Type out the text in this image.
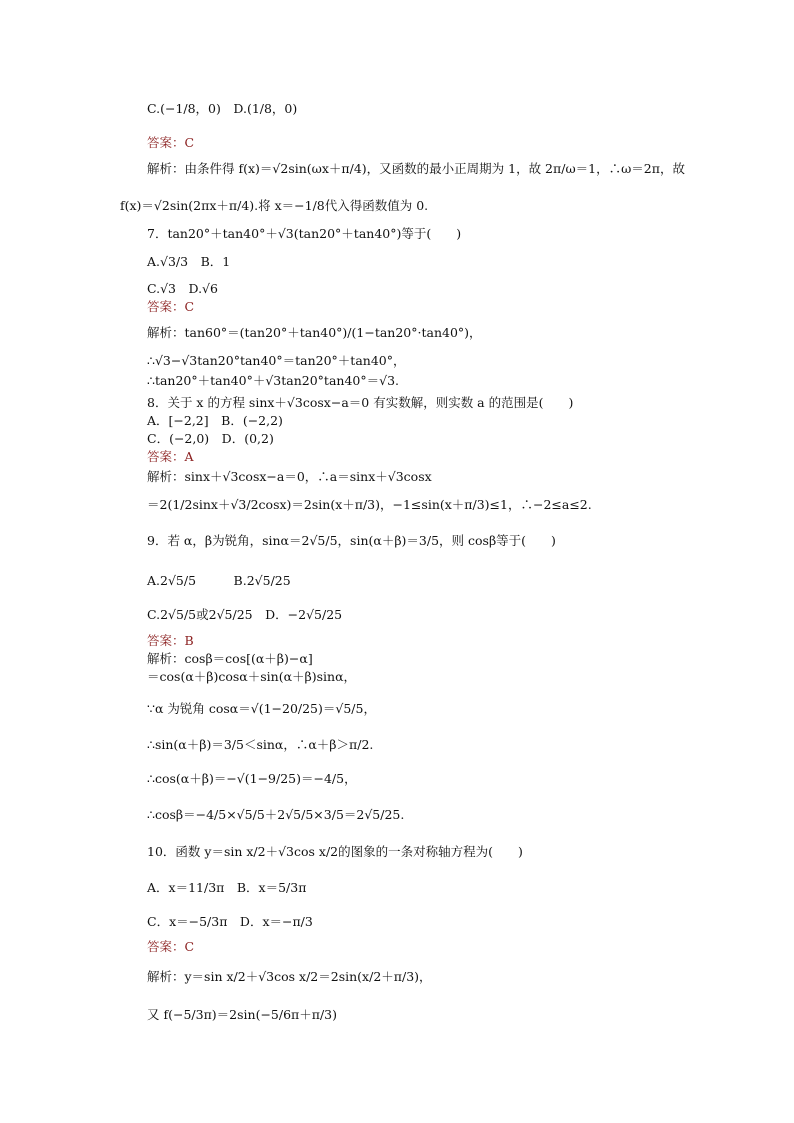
C.(−1/8，0)　D.(1/8，0)
答案：C
解析：由条件得 f(x)＝√2sin(ωx＋π/4)，又函数的最小正周期为 1，故 2π/ω＝1，∴ω＝2π，故
f(x)＝√2sin(2πx＋π/4).将 x＝−1/8代入得函数值为 0.
7．tan20°＋tan40°＋√3(tan20°＋tan40°)等于(　　)
A.√3/3　B．1
C.√3　D.√6
答案：C
解析：tan60°＝(tan20°＋tan40°)/(1−tan20°·tan40°)，
∴√3−√3tan20°tan40°＝tan20°＋tan40°，
∴tan20°＋tan40°＋√3tan20°tan40°＝√3.
8．关于 x 的方程 sinx＋√3cosx−a＝0 有实数解，则实数 a 的范围是(　　)
A．[−2,2]　B．(−2,2)
C．(−2,0)　D．(0,2)
答案：A
解析：sinx＋√3cosx−a＝0，∴a＝sinx＋√3cosx
＝2(1/2sinx＋√3/2cosx)＝2sin(x＋π/3)，−1≤sin(x＋π/3)≤1，∴−2≤a≤2.
9．若 α，β为锐角，sinα＝2√5/5，sin(α＋β)＝3/5，则 cosβ等于(　　)
A.2√5/5　　　B.2√5/25
C.2√5/5或2√5/25　D．−2√5/25
答案：B
解析：cosβ＝cos[(α＋β)−α]
＝cos(α＋β)cosα＋sin(α＋β)sinα，
∵α 为锐角 cosα＝√(1−20/25)＝√5/5，
∴sin(α＋β)＝3/5＜sinα，∴α＋β＞π/2.
∴cos(α＋β)＝−√(1−9/25)＝−4/5，
∴cosβ＝−4/5×√5/5＋2√5/5×3/5＝2√5/25.
10．函数 y＝sin x/2＋√3cos x/2的图象的一条对称轴方程为(　　)
A．x＝11/3π　B．x＝5/3π
C．x＝−5/3π　D．x＝−π/3
答案：C
解析：y＝sin x/2＋√3cos x/2＝2sin(x/2＋π/3)，
又 f(−5/3π)＝2sin(−5/6π＋π/3)
